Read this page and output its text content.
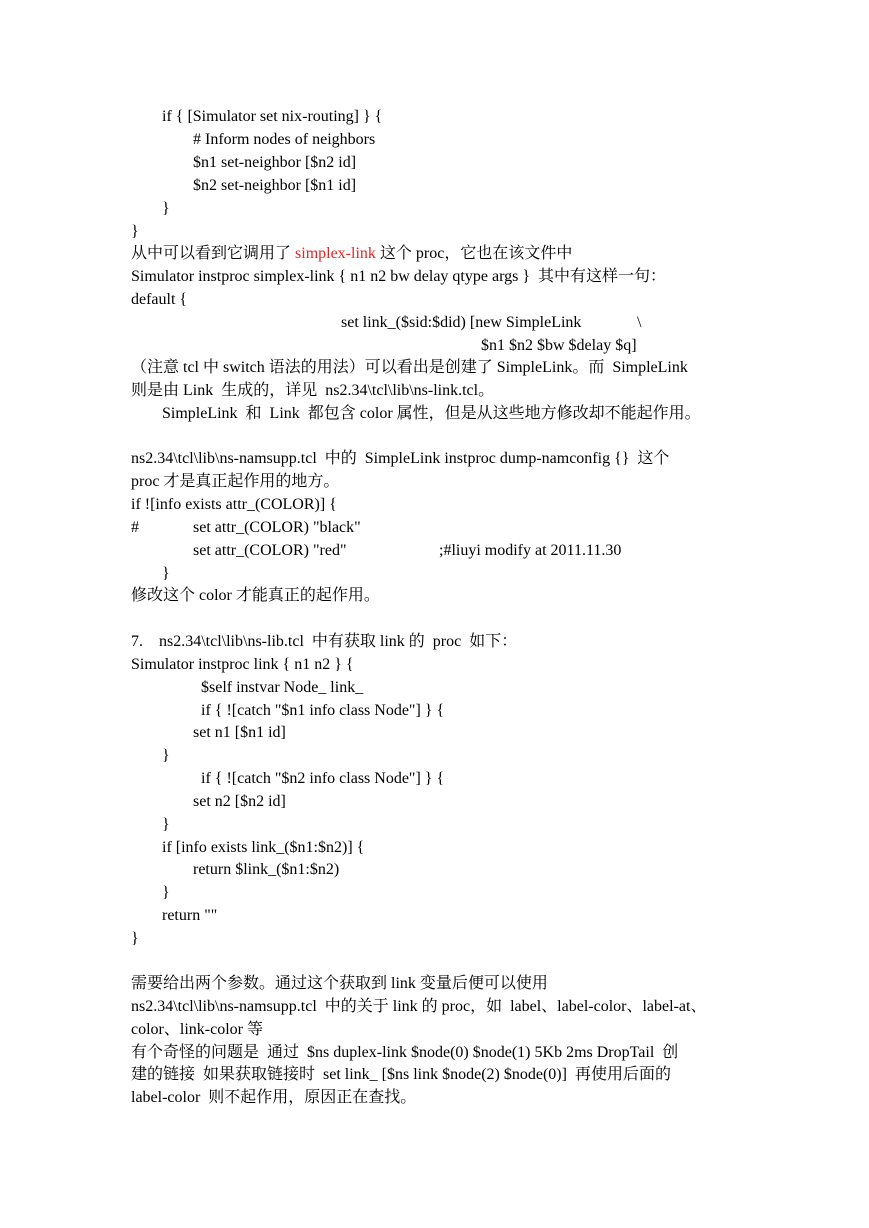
if { [Simulator set nix-routing] } {
# Inform nodes of neighbors
$n1 set-neighbor [$n2 id]
$n2 set-neighbor [$n1 id]
}
}
从中可以看到它调用了 simplex-link 这个 proc，它也在该文件中
Simulator instproc simplex-link { n1 n2 bw delay qtype args }  其中有这样一句：
default {
set link_($sid:$did) [new SimpleLink	\
$n1 $n2 $bw $delay $q]
（注意 tcl 中 switch 语法的用法）可以看出是创建了 SimpleLink。而  SimpleLink
则是由 Link  生成的，详见  ns2.34\tcl\lib\ns-link.tcl。
SimpleLink  和  Link  都包含 color 属性，但是从这些地方修改却不能起作用。
ns2.34\tcl\lib\ns-namsupp.tcl  中的  SimpleLink instproc dump-namconfig {}  这个
proc 才是真正起作用的地方。
if ![info exists attr_(COLOR)] {
#	set attr_(COLOR) "black"
set attr_(COLOR) "red"	;#liuyi modify at 2011.11.30
}
修改这个 color 才能真正的起作用。
7.    ns2.34\tcl\lib\ns-lib.tcl  中有获取 link 的  proc  如下：
Simulator instproc link { n1 n2 } {
$self instvar Node_ link_
if { ![catch "$n1 info class Node"] } {
set n1 [$n1 id]
}
if { ![catch "$n2 info class Node"] } {
set n2 [$n2 id]
}
if [info exists link_($n1:$n2)] {
return $link_($n1:$n2)
}
return ""
}
需要给出两个参数。通过这个获取到 link 变量后便可以使用
ns2.34\tcl\lib\ns-namsupp.tcl  中的关于 link 的 proc，如  label、label-color、label-at、
color、link-color 等
有个奇怪的问题是  通过  $ns duplex-link $node(0) $node(1) 5Kb 2ms DropTail  创
建的链接  如果获取链接时  set link_ [$ns link $node(2) $node(0)]  再使用后面的
label-color  则不起作用，原因正在查找。
